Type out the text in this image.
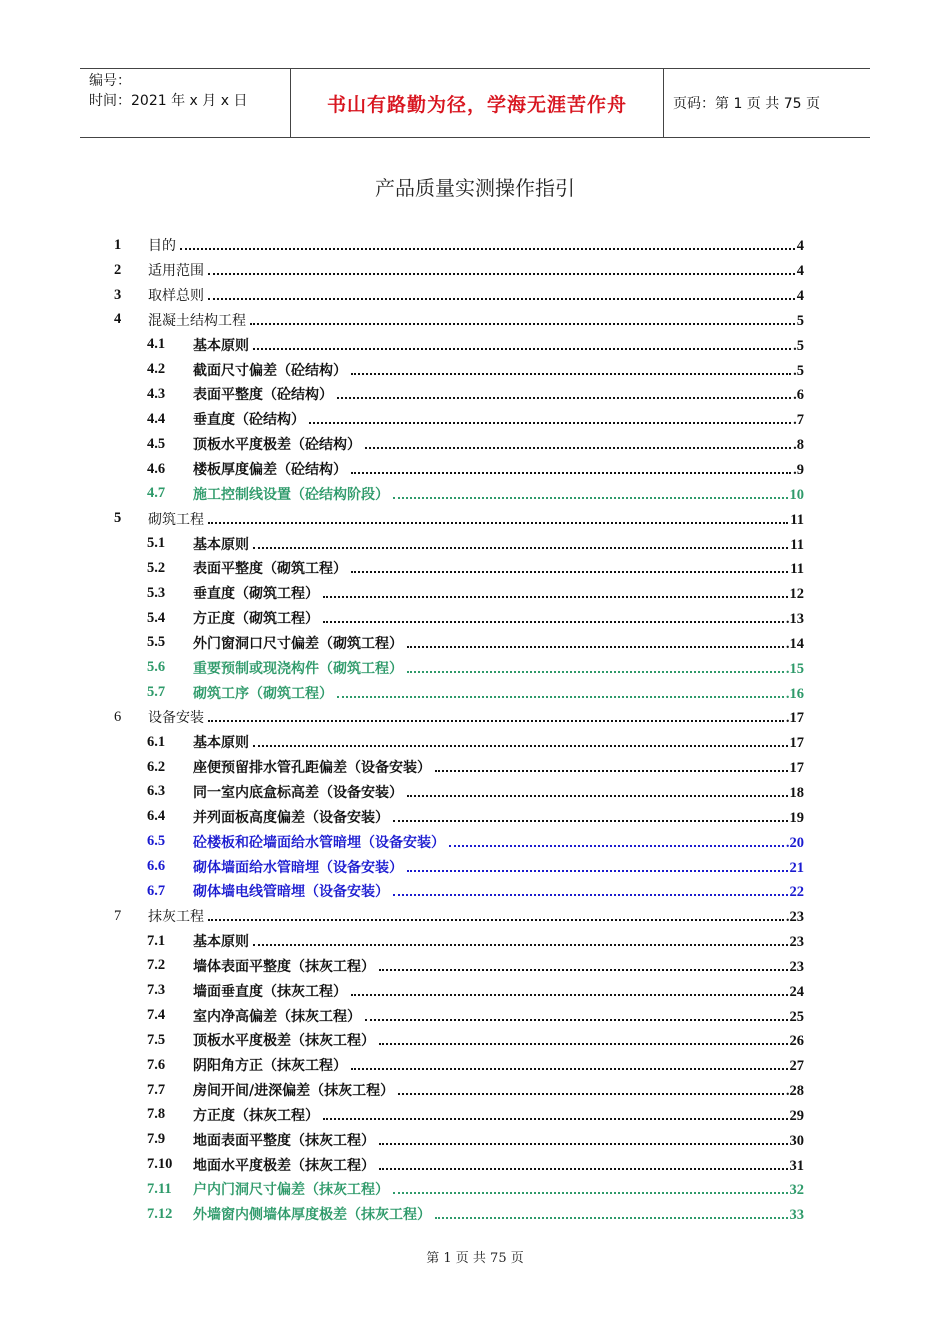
编号：
时间：2021 年 x 月 x 日	书山有路勤为径，学海无涯苦作舟	页码：第 1 页 共 75 页
产品质量实测操作指引
1 目的	4
2 适用范围	4
3 取样总则	4
4 混凝土结构工程	5
4.1 基本原则	.5
4.2 截面尺寸偏差（砼结构）	.5
4.3 表面平整度（砼结构）	.6
4.4 垂直度（砼结构）	.7
4.5 顶板水平度极差（砼结构）	.8
4.6 楼板厚度偏差（砼结构）	.9
4.7 施工控制线设置（砼结构阶段）	10
5 砌筑工程	11
5.1 基本原则	11
5.2 表面平整度（砌筑工程）	11
5.3 垂直度（砌筑工程）	12
5.4 方正度（砌筑工程）	.13
5.5 外门窗洞口尺寸偏差（砌筑工程）	.14
5.6 重要预制或现浇构件（砌筑工程）	.15
5.7 砌筑工序（砌筑工程）	.16
6 设备安装	.17
6.1 基本原则	17
6.2 座便预留排水管孔距偏差（设备安装）	17
6.3 同一室内底盒标高差（设备安装）	18
6.4 并列面板高度偏差（设备安装）	19
6.5 砼楼板和砼墙面给水管暗埋（设备安装）	.20
6.6 砌体墙面给水管暗埋（设备安装）	21
6.7 砌体墙电线管暗埋（设备安装）	22
7 抹灰工程	.23
7.1 基本原则	23
7.2 墙体表面平整度（抹灰工程）	23
7.3 墙面垂直度（抹灰工程）	24
7.4 室内净高偏差（抹灰工程）	25
7.5 顶板水平度极差（抹灰工程）	26
7.6 阴阳角方正（抹灰工程）	27
7.7 房间开间/进深偏差（抹灰工程）	.28
7.8 方正度（抹灰工程）	29
7.9 地面表面平整度（抹灰工程）	30
7.10 地面水平度极差（抹灰工程）	31
7.11 户内门洞尺寸偏差（抹灰工程）	32
7.12 外墙窗内侧墙体厚度极差（抹灰工程）	33
第 1 页 共 75 页
